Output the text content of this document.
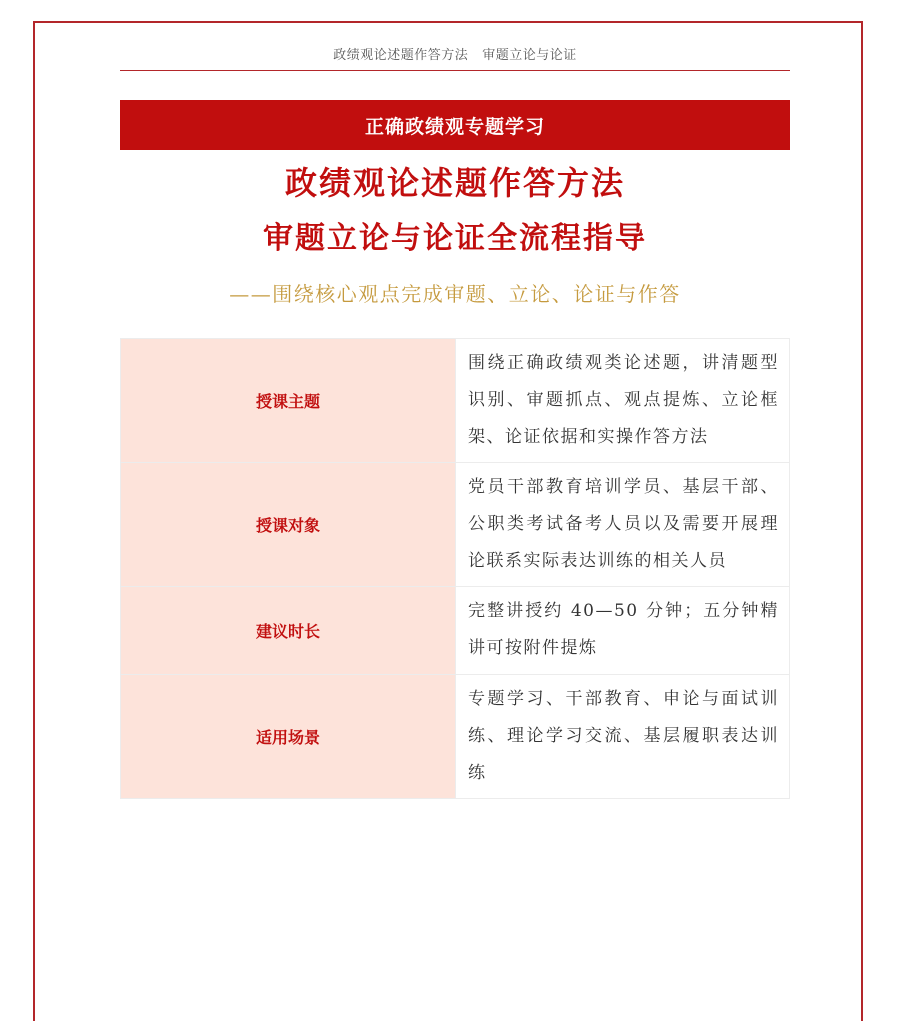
政绩观论述题作答方法 审题立论与论证
正确政绩观专题学习
政绩观论述题作答方法
审题立论与论证全流程指导
——围绕核心观点完成审题、立论、论证与作答
授课主题	围绕正确政绩观类论述题，讲清题型识别、审题抓点、观点提炼、立论框架、论证依据和实操作答方法
授课对象	党员干部教育培训学员、基层干部、公职类考试备考人员以及需要开展理论联系实际表达训练的相关人员
建议时长	完整讲授约 40—50 分钟；五分钟精讲可按附件提炼
适用场景	专题学习、干部教育、申论与面试训练、理论学习交流、基层履职表达训练
